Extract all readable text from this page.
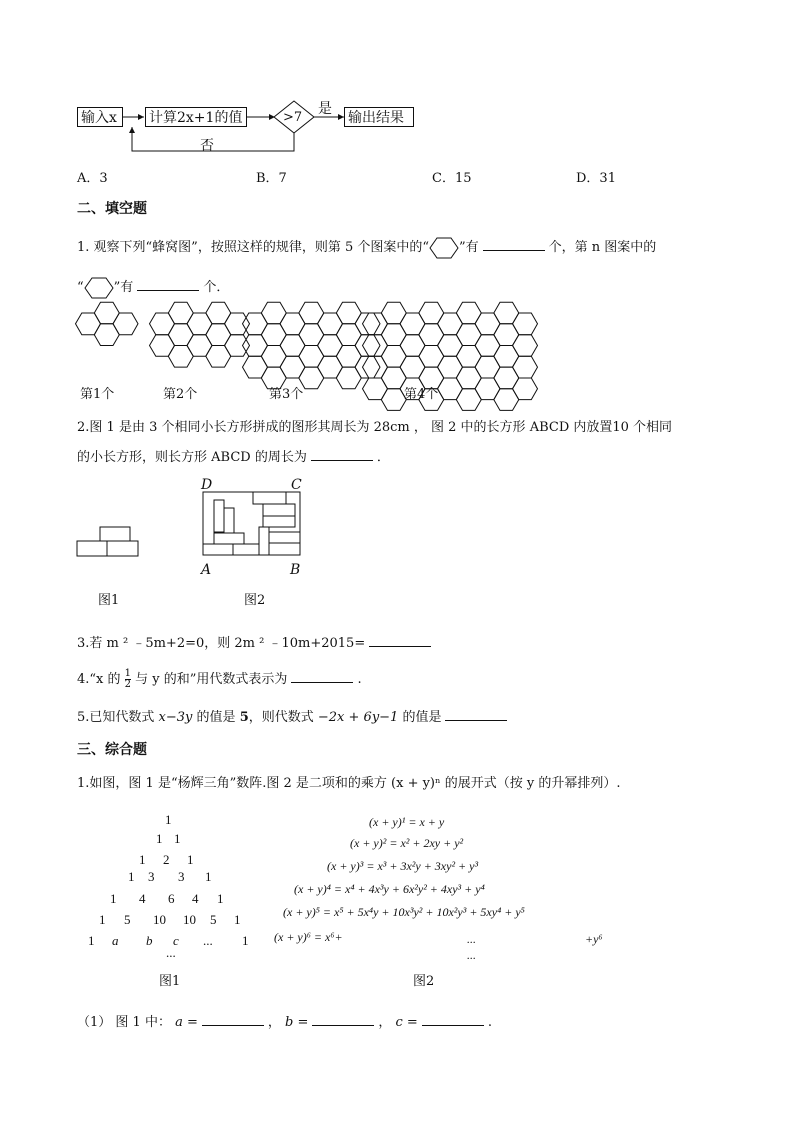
输入x	计算2x+1的值	>7
是
输出结果
否
A．3	B．7	C．15	D．31
二、填空题
1. 观察下列“蜂窝图”，按照这样的规律，则第 5 个图案中的“ ”有	个，第 n 图案中的
“ ”有	个．
第1个	第2个	第3个	第4个
2.图 1 是由 3 个相同小长方形拼成的图形其周长为 28cm ， 图 2 中的长方形 ABCD 内放置10 个相同
的小长方形，则长方形 ABCD 的周长为	．
D	C
A	B
图1	图2
3.若 m ² ﹣5m+2=0，则 2m ² ﹣10m+2015=
4.“x 的 $\frac{1}{2}$ 与 y 的和”用代数式表示为	.
5.已知代数式 x−3y 的值是 5，则代数式 −2x + 6y−1 的值是
三、综合题
1.如图，图 1 是“杨辉三角”数阵.图 2 是二项和的乘方 (x + y)ⁿ 的展开式（按 y 的升幂排列）.
1
1 1
1 2 1
1 3 3 1
1 4 6 4 1
1 5 10 10 5 1
1 a b c ... 1
...
(x + y)¹ = x + y
(x + y)² = x² + 2xy + y²
(x + y)³ = x³ + 3x²y + 3xy² + y³
(x + y)⁴ = x⁴ + 4x³y + 6x²y² + 4xy³ + y⁴
(x + y)⁵ = x⁵ + 5x⁴y + 10x³y² + 10x²y³ + 5xy⁴ + y⁵
(x + y)⁶ = x⁶+	...	+y⁶
...
图1	图2
（1） 图 1 中： a =	， b =	， c =	.
